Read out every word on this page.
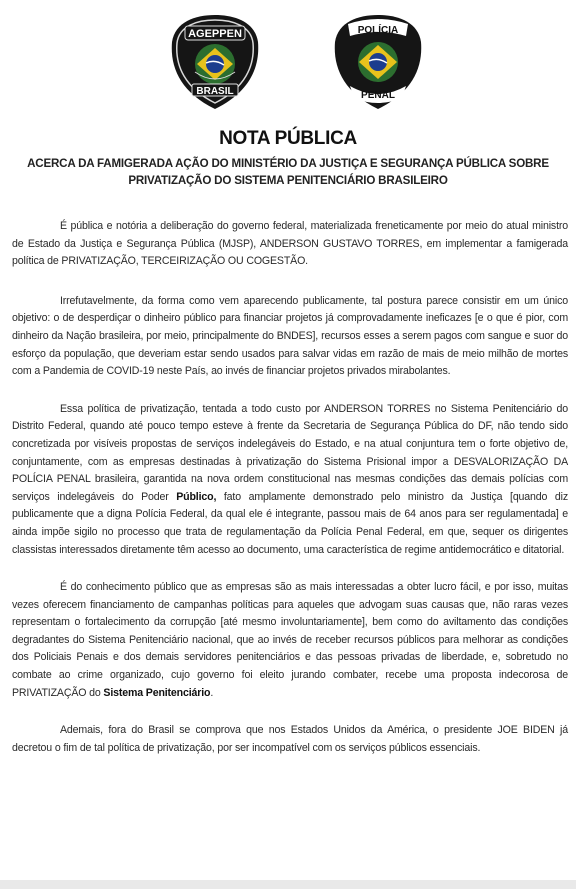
AGEPPEN
BRASIL
POLÍCIA
PENAL
NOTA PÚBLICA
ACERCA DA FAMIGERADA AÇÃO DO MINISTÉRIO DA JUSTIÇA E SEGURANÇA PÚBLICA SOBRE
PRIVATIZAÇÃO DO SISTEMA PENITENCIÁRIO BRASILEIRO

É pública e notória a deliberação do governo federal, materializada freneticamente por meio do atual ministro de Estado da Justiça e Segurança Pública (MJSP), ANDERSON GUSTAVO TORRES, em implementar a famigerada política de PRIVATIZAÇÃO, TERCEIRIZAÇÃO OU COGESTÃO.

Irrefutavelmente, da forma como vem aparecendo publicamente, tal postura parece consistir em um único objetivo: o de desperdiçar o dinheiro público para financiar projetos já comprovadamente ineficazes [e o que é pior, com dinheiro da Nação brasileira, por meio, principalmente do BNDES], recursos esses a serem pagos com sangue e suor do esforço da população, que deveriam estar sendo usados para salvar vidas em razão de mais de meio milhão de mortes com a Pandemia de COVID-19 neste País, ao invés de financiar projetos privados mirabolantes.

Essa política de privatização, tentada a todo custo por ANDERSON TORRES no Sistema Penitenciário do Distrito Federal, quando até pouco tempo esteve à frente da Secretaria de Segurança Pública do DF, não tendo sido concretizada por visíveis propostas de serviços indelegáveis do Estado, e na atual conjuntura tem o forte objetivo de, conjuntamente, com as empresas destinadas à privatização do Sistema Prisional impor a DESVALORIZAÇÃO DA POLÍCIA PENAL brasileira, garantida na nova ordem constitucional nas mesmas condições das demais polícias com serviços indelegáveis do Poder Público, fato amplamente demonstrado pelo ministro da Justiça [quando diz publicamente que a digna Polícia Federal, da qual ele é integrante, passou mais de 64 anos para ser regulamentada] e ainda impõe sigilo no processo que trata de regulamentação da Polícia Penal Federal, em que, sequer os dirigentes classistas interessados diretamente têm acesso ao documento, uma característica de regime antidemocrático e ditatorial.

É do conhecimento público que as empresas são as mais interessadas a obter lucro fácil, e por isso, muitas vezes oferecem financiamento de campanhas políticas para aqueles que advogam suas causas que, não raras vezes representam o fortalecimento da corrupção [até mesmo involuntariamente], bem como do aviltamento das condições degradantes do Sistema Penitenciário nacional, que ao invés de receber recursos públicos para melhorar as condições dos Policiais Penais e dos demais servidores penitenciários e das pessoas privadas de liberdade, e, sobretudo no combate ao crime organizado, cujo governo foi eleito jurando combater, recebe uma proposta indecorosa de PRIVATIZAÇÃO do Sistema Penitenciário.

Ademais, fora do Brasil se comprova que nos Estados Unidos da América, o presidente JOE BIDEN já decretou o fim de tal política de privatização, por ser incompatível com os serviços públicos essenciais.
